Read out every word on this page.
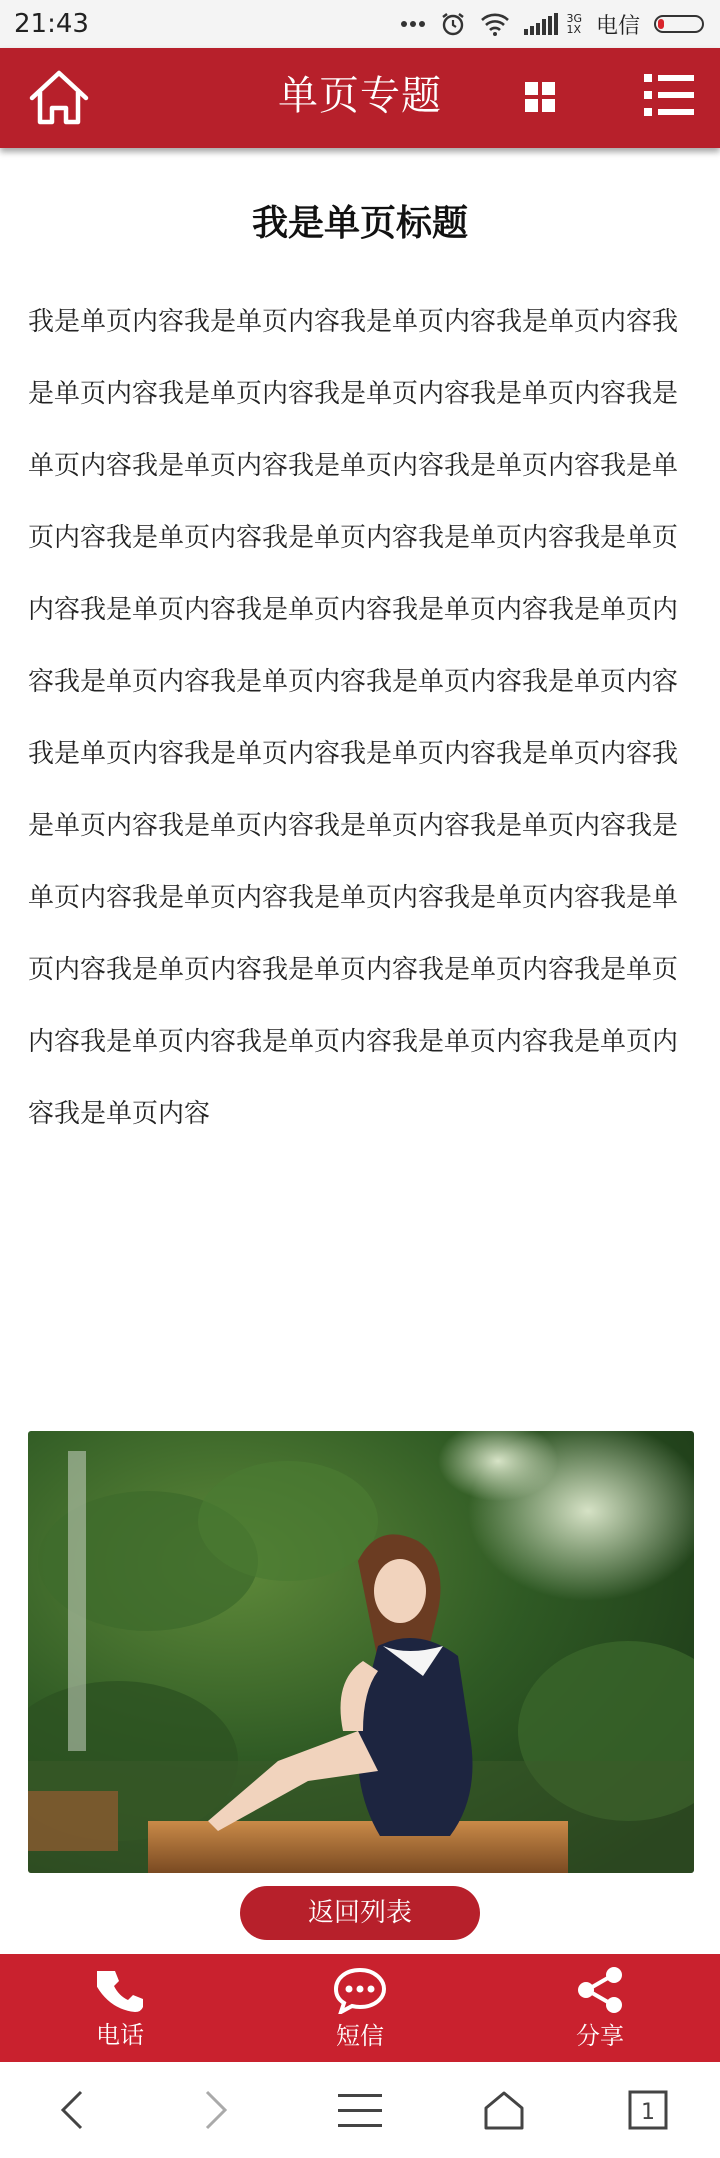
21:43	3G
1X 电信
单页专题
我是单页标题

我是单页内容我是单页内容我是单页内容我是单页内容我是单页内容我是单页内容我是单页内容我是单页内容我是单页内容我是单页内容我是单页内容我是单页内容我是单页内容我是单页内容我是单页内容我是单页内容我是单页内容我是单页内容我是单页内容我是单页内容我是单页内容我是单页内容我是单页内容我是单页内容我是单页内容我是单页内容我是单页内容我是单页内容我是单页内容我是单页内容我是单页内容我是单页内容我是单页内容我是单页内容我是单页内容我是单页内容我是单页内容我是单页内容我是单页内容我是单页内容我是单页内容我是单页内容我是单页内容我是单页内容我是单页内容我是单页内容我是单页内容

返回列表
电话	短信	分享
1
